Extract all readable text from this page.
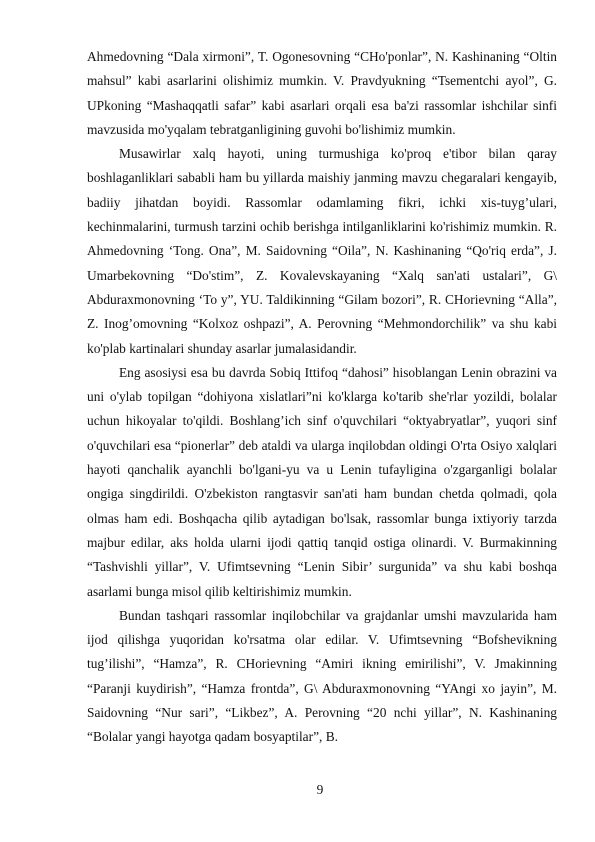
Ahmedovning “Dala xirmoni”, T. Ogonesovning “CHo'ponlar”, N. Kashinaning “Oltin mahsul” kabi asarlarini olishimiz mumkin. V. Pravdyukning “Tsementchi ayol”, G. UPkoning “Mashaqqatli safar” kabi asarlari orqali esa ba'zi rassomlar ishchilar sinfi mavzusida mo'yqalam tebratganligining guvohi bo'lishimiz mumkin.

Musawirlar xalq hayoti, uning turmushiga ko'proq e'tibor bilan qaray boshlaganliklari sababli ham bu yillarda maishiy janming mavzu chegaralari kengayib, badiiy jihatdan boyidi. Rassomlar odamlaming fikri, ichki xis-tuyg’ulari, kechinmalarini, turmush tarzini ochib berishga intilganliklarini ko'rishimiz mumkin. R. Ahmedovning ‘Tong. Ona”, M. Saidovning “Oila”, N. Kashinaning “Qo'riq erda”, J. Umarbekovning “Do'stim”, Z. Kovalevskayaning “Xalq san'ati ustalari”, G\ Abduraxmonovning ‘To y”, YU. Taldikinning “Gilam bozori”, R. CHorievning “Alla”, Z. Inog’omovning “Kolxoz oshpazi”, A. Perovning “Mehmondorchilik” va shu kabi ko'plab kartinalari shunday asarlar jumalasidandir.

Eng asosiysi esa bu davrda Sobiq Ittifoq “dahosi” hisoblangan Lenin obrazini va uni o'ylab topilgan “dohiyona xislatlari”ni ko'klarga ko'tarib she'rlar yozildi, bolalar uchun hikoyalar to'qildi. Boshlang’ich sinf o'quvchilari “oktyabryatlar”, yuqori sinf o'quvchilari esa “pionerlar” deb ataldi va ularga inqilobdan oldingi O'rta Osiyo xalqlari hayoti qanchalik ayanchli bo'lgani-yu va u Lenin tufayligina o'zgarganligi bolalar ongiga singdirildi. O'zbekiston rangtasvir san'ati ham bundan chetda qolmadi, qola olmas ham edi. Boshqacha qilib aytadigan bo'lsak, rassomlar bunga ixtiyoriy tarzda majbur edilar, aks holda ularni ijodi qattiq tanqid ostiga olinardi. V. Burmakinning “Tashvishli yillar”, V. Ufimtsevning “Lenin Sibir’ surgunida” va shu kabi boshqa asarlami bunga misol qilib keltirishimiz mumkin.

Bundan tashqari rassomlar inqilobchilar va grajdanlar umshi mavzularida ham ijod qilishga yuqoridan ko'rsatma olar edilar. V. Ufimtsevning “Bofshevikning tug’ilishi”, “Hamza”, R. CHorievning “Amiri ikning emirilishi”, V. Jmakinning “Paranji kuydirish”, “Hamza frontda”, G\ Abduraxmonovning “YAngi xo jayin”, M. Saidovning “Nur sari”, “Likbez”, A. Perovning “20 nchi yillar”, N. Kashinaning “Bolalar yangi hayotga qadam bosyaptilar”, B.

9
